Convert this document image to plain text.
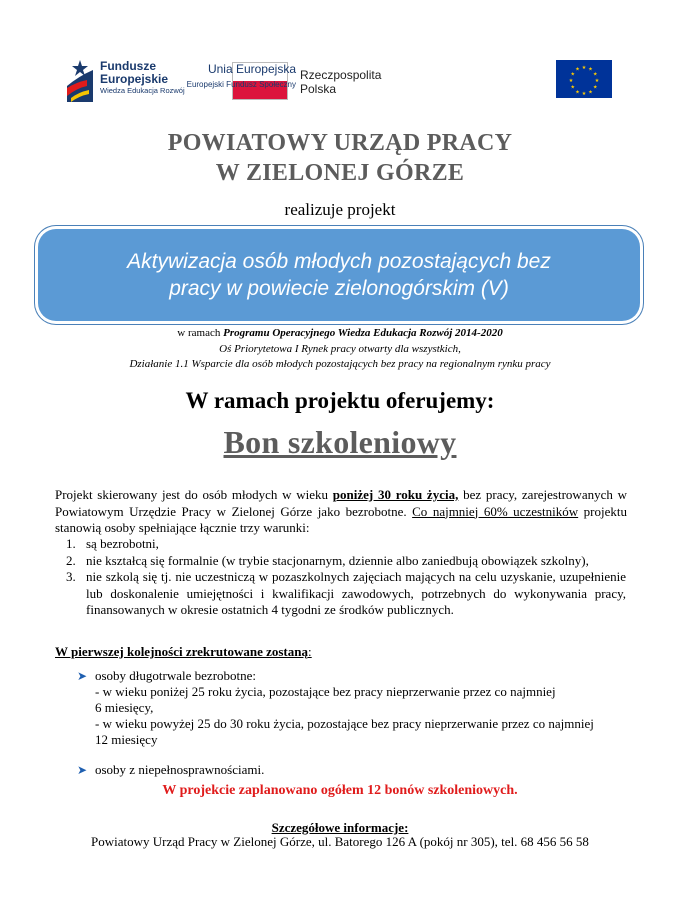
Fundusze
Europejskie
Wiedza Edukacja Rozwój
Rzeczpospolita
Polska
Unia Europejska
Europejski Fundusz Społeczny
★ ★
★
★
★
★
★
★
★
★
★
★
POWIATOWY URZĄD PRACY
W ZIELONEJ GÓRZE
realizuje projekt
Aktywizacja osób młodych pozostających bez
pracy w powiecie zielonogórskim (V)
w ramach Programu Operacyjnego Wiedza Edukacja Rozwój 2014-2020
Oś Priorytetowa I Rynek pracy otwarty dla wszystkich,
Działanie 1.1 Wsparcie dla osób młodych pozostających bez pracy na regionalnym rynku pracy
W ramach projektu oferujemy:
Bon szkoleniowy
Projekt skierowany jest do osób młodych w wieku poniżej 30 roku życia, bez pracy, zarejestrowanych w Powiatowym Urzędzie Pracy w Zielonej Górze jako bezrobotne. Co najmniej 60% uczestników projektu stanowią osoby spełniające łącznie trzy warunki:
1. są bezrobotni,
2. nie kształcą się formalnie (w trybie stacjonarnym, dziennie albo zaniedbują obowiązek szkolny),
3. nie szkolą się tj. nie uczestniczą w pozaszkolnych zajęciach mających na celu uzyskanie, uzupełnienie lub doskonalenie umiejętności i kwalifikacji zawodowych, potrzebnych do wykonywania pracy, finansowanych w okresie ostatnich 4 tygodni ze środków publicznych.
W pierwszej kolejności zrekrutowane zostaną:
➤ osoby długotrwale bezrobotne:
- w wieku poniżej 25 roku życia, pozostające bez pracy nieprzerwanie przez co najmniej
6 miesięcy,
- w wieku powyżej 25 do 30 roku życia, pozostające bez pracy nieprzerwanie przez co najmniej
12 miesięcy
➤ osoby z niepełnosprawnościami.
W projekcie zaplanowano ogółem 12 bonów szkoleniowych.
Szczegółowe informacje:
Powiatowy Urząd Pracy w Zielonej Górze, ul. Batorego 126 A (pokój nr 305), tel. 68 456 56 58
